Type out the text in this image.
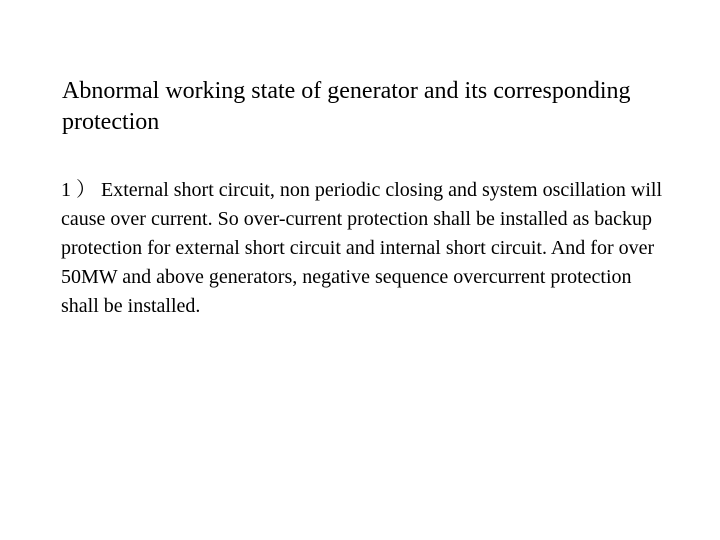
Abnormal working state of generator and its corresponding protection

1 ） External short circuit, non periodic closing and system oscillation will cause over current. So over-current protection shall be installed as backup protection for external short circuit and internal short circuit. And for over 50MW and above generators, negative sequence overcurrent protection shall be installed.
